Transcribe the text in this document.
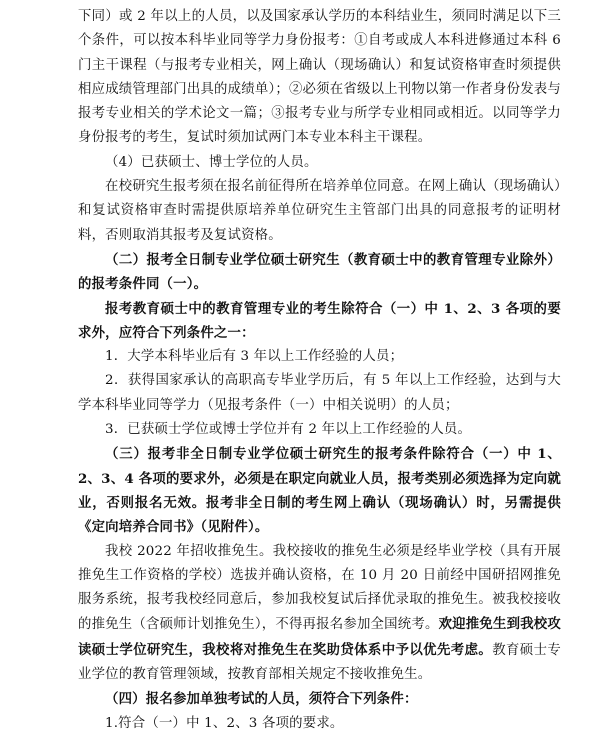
下同）或 2 年以上的人员，以及国家承认学历的本科结业生，须同时满足以下三个条件，可以按本科毕业同等学力身份报考：①自考或成人本科进修通过本科 6 门主干课程（与报考专业相关，网上确认（现场确认）和复试资格审查时须提供相应成绩管理部门出具的成绩单）；②必须在省级以上刊物以第一作者身份发表与报考专业相关的学术论文一篇；③报考专业与所学专业相同或相近。以同等学力身份报考的考生，复试时须加试两门本专业本科主干课程。

（4）已获硕士、博士学位的人员。

在校研究生报考须在报名前征得所在培养单位同意。在网上确认（现场确认）和复试资格审查时需提供原培养单位研究生主管部门出具的同意报考的证明材料，否则取消其报考及复试资格。

（二）报考全日制专业学位硕士研究生（教育硕士中的教育管理专业除外）的报考条件同（一）。

报考教育硕士中的教育管理专业的考生除符合（一）中 1、2、3 各项的要求外，应符合下列条件之一：

1．大学本科毕业后有 3 年以上工作经验的人员；

2．获得国家承认的高职高专毕业学历后，有 5 年以上工作经验，达到与大学本科毕业同等学力（见报考条件（一）中相关说明）的人员；

3．已获硕士学位或博士学位并有 2 年以上工作经验的人员。

（三）报考非全日制专业学位硕士研究生的报考条件除符合（一）中 1、2、3、4 各项的要求外，必须是在职定向就业人员，报考类别必须选择为定向就业，否则报名无效。报考非全日制的考生网上确认（现场确认）时，另需提供《定向培养合同书》（见附件）。

我校 2022 年招收推免生。我校接收的推免生必须是经毕业学校（具有开展推免生工作资格的学校）选拔并确认资格，在 10 月 20 日前经中国研招网推免服务系统，报考我校经同意后，参加我校复试后择优录取的推免生。被我校接收的推免生（含硕师计划推免生），不得再报名参加全国统考。欢迎推免生到我校攻读硕士学位研究生，我校将对推免生在奖助贷体系中予以优先考虑。教育硕士专业学位的教育管理领域，按教育部相关规定不接收推免生。

（四）报名参加单独考试的人员，须符合下列条件：

1.符合（一）中 1、2、3 各项的要求。
